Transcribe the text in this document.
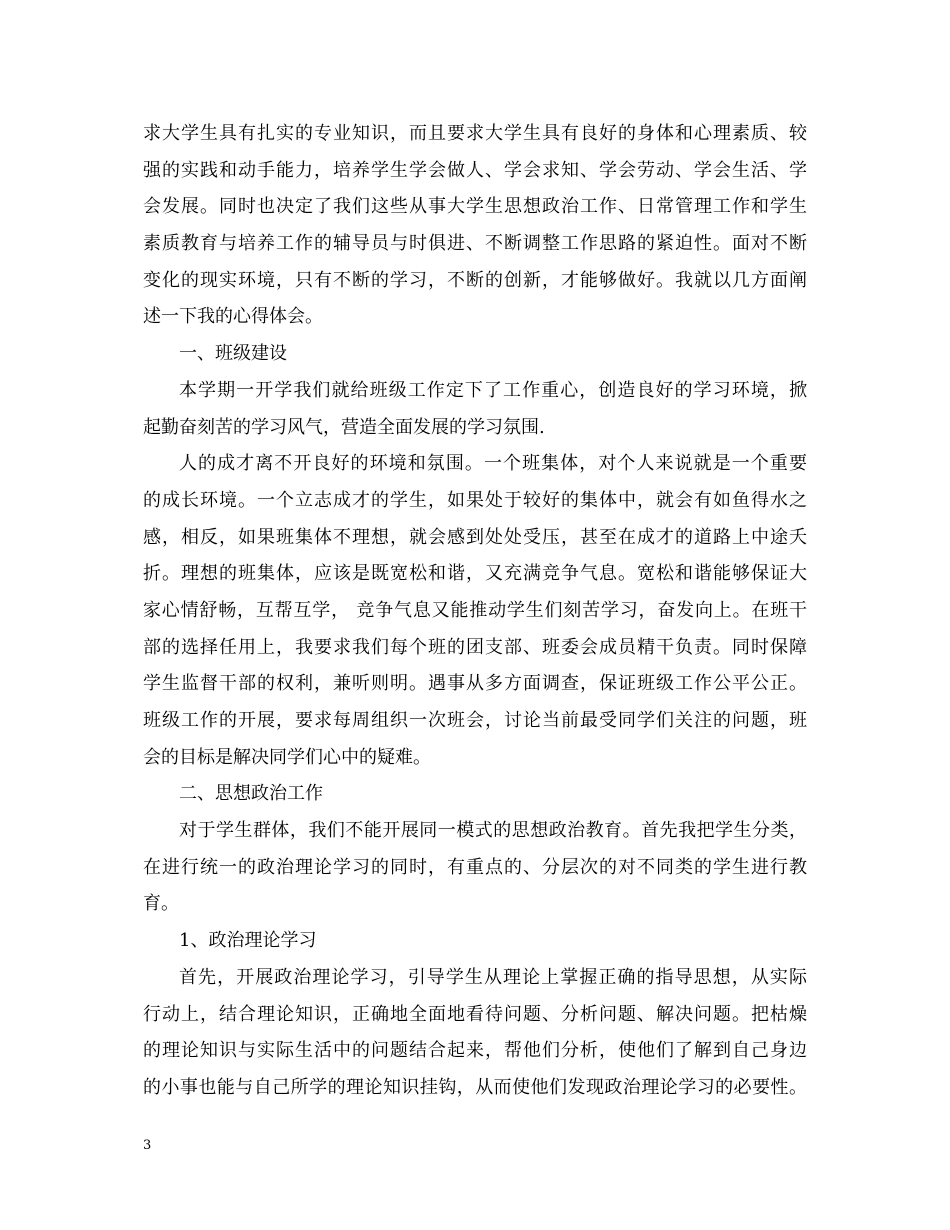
求大学生具有扎实的专业知识，而且要求大学生具有良好的身体和心理素质、较
强的实践和动手能力，培养学生学会做人、学会求知、学会劳动、学会生活、学
会发展。同时也决定了我们这些从事大学生思想政治工作、日常管理工作和学生
素质教育与培养工作的辅导员与时俱进、不断调整工作思路的紧迫性。面对不断
变化的现实环境，只有不断的学习，不断的创新，才能够做好。我就以几方面阐
述一下我的心得体会。
一、班级建设
本学期一开学我们就给班级工作定下了工作重心，创造良好的学习环境，掀
起勤奋刻苦的学习风气，营造全面发展的学习氛围.
人的成才离不开良好的环境和氛围。一个班集体，对个人来说就是一个重要
的成长环境。一个立志成才的学生，如果处于较好的集体中，就会有如鱼得水之
感，相反，如果班集体不理想，就会感到处处受压，甚至在成才的道路上中途夭
折。理想的班集体，应该是既宽松和谐，又充满竞争气息。宽松和谐能够保证大
家心情舒畅，互帮互学， 竞争气息又能推动学生们刻苦学习，奋发向上。在班干
部的选择任用上，我要求我们每个班的团支部、班委会成员精干负责。同时保障
学生监督干部的权利，兼听则明。遇事从多方面调查，保证班级工作公平公正。
班级工作的开展，要求每周组织一次班会，讨论当前最受同学们关注的问题，班
会的目标是解决同学们心中的疑难。
二、思想政治工作
对于学生群体，我们不能开展同一模式的思想政治教育。首先我把学生分类，
在进行统一的政治理论学习的同时，有重点的、分层次的对不同类的学生进行教
育。
1、政治理论学习
首先，开展政治理论学习，引导学生从理论上掌握正确的指导思想，从实际
行动上，结合理论知识，正确地全面地看待问题、分析问题、解决问题。把枯燥
的理论知识与实际生活中的问题结合起来，帮他们分析，使他们了解到自己身边
的小事也能与自己所学的理论知识挂钩，从而使他们发现政治理论学习的必要性。
3
